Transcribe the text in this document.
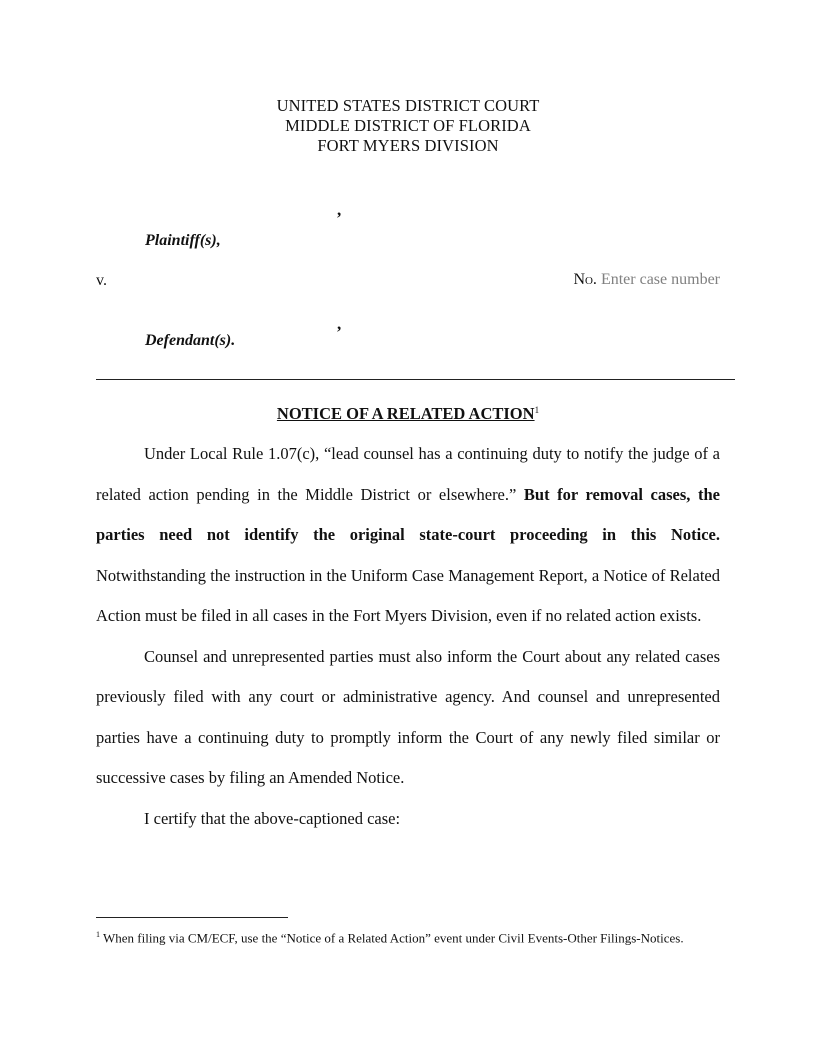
UNITED STATES DISTRICT COURT
MIDDLE DISTRICT OF FLORIDA
FORT MYERS DIVISION
,
Plaintiff(s),
v.	No. Enter case number
,
Defendant(s).
NOTICE OF A RELATED ACTION$^1$

Under Local Rule 1.07(c), “lead counsel has a continuing duty to notify the judge of a related action pending in the Middle District or elsewhere.” But for removal cases, the parties need not identify the original state-court proceeding in this Notice. Notwithstanding the instruction in the Uniform Case Management Report, a Notice of Related Action must be filed in all cases in the Fort Myers Division, even if no related action exists.

Counsel and unrepresented parties must also inform the Court about any related cases previously filed with any court or administrative agency. And counsel and unrepresented parties have a continuing duty to promptly inform the Court of any newly filed similar or successive cases by filing an Amended Notice.

I certify that the above-captioned case:

$^1$ When filing via CM/ECF, use the “Notice of a Related Action” event under Civil Events-Other Filings-Notices.
